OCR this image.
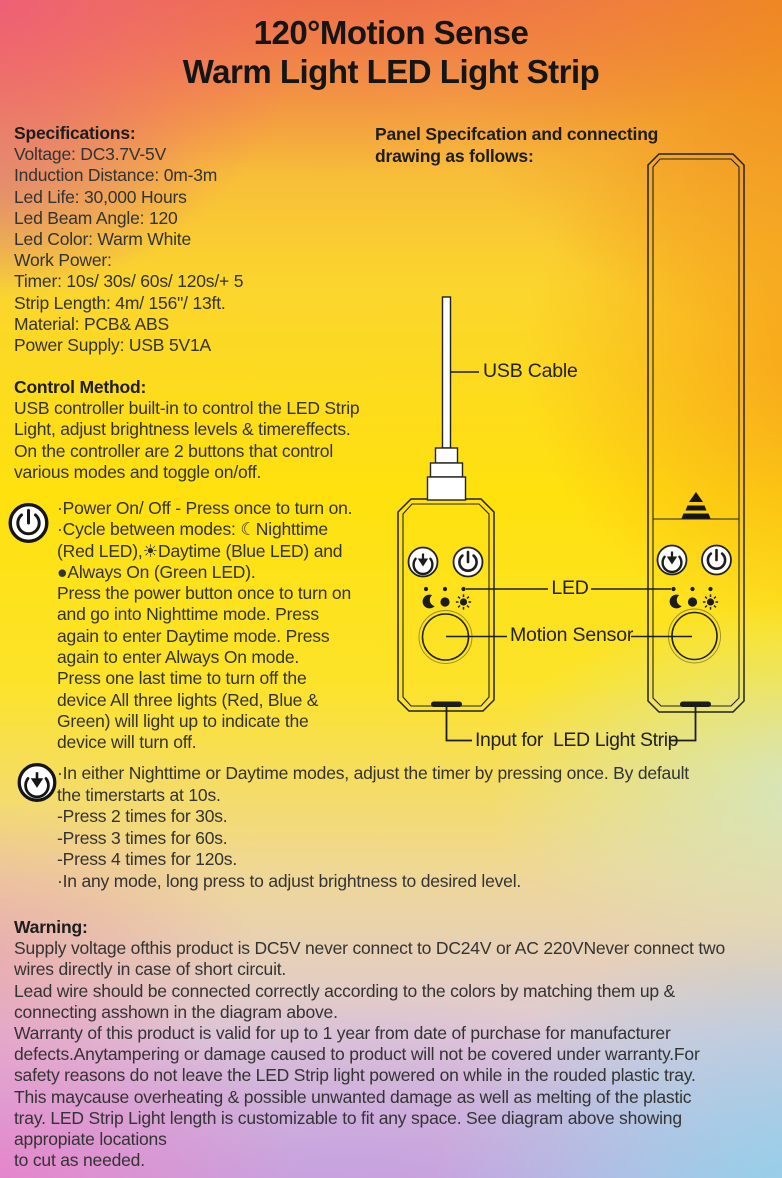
120°Motion Sense
Warm Light LED Light Strip
Specifications:
Voltage: DC3.7V-5V
Induction Distance: 0m-3m
Led Life: 30,000 Hours
Led Beam Angle: 120
Led Color: Warm White
Work Power:
Timer: 10s/ 30s/ 60s/ 120s/+ 5
Strip Length: 4m/ 156"/ 13ft.
Material: PCB& ABS
Power Supply: USB 5V1A
Panel Specifcation and connecting
drawing as follows:
Control Method:
USB controller built-in to control the LED Strip
Light, adjust brightness levels & timereffects.
On the controller are 2 buttons that control
various modes and toggle on/off.
·Power On/ Off - Press once to turn on.
·Cycle between modes: ☾Nighttime
(Red LED),☀Daytime (Blue LED) and
●Always On (Green LED).
Press the power button once to turn on
and go into Nighttime mode. Press
again to enter Daytime mode. Press
again to enter Always On mode.
Press one last time to turn off the
device All three lights (Red, Blue &
Green) will light up to indicate the
device will turn off.
·In either Nighttime or Daytime modes, adjust the timer by pressing once. By default
the timerstarts at 10s.
-Press 2 times for 30s.
-Press 3 times for 60s.
-Press 4 times for 120s.
·In any mode, long press to adjust brightness to desired level.
Warning:
Supply voltage ofthis product is DC5V never connect to DC24V or AC 220VNever connect two
wires directly in case of short circuit.
Lead wire should be connected correctly according to the colors by matching them up &
connecting asshown in the diagram above.
Warranty of this product is valid for up to 1 year from date of purchase for manufacturer
defects.Anytampering or damage caused to product will not be covered under warranty.For
safety reasons do not leave the LED Strip light powered on while in the rouded plastic tray.
This maycause overheating & possible unwanted damage as well as melting of the plastic
tray. LED Strip Light length is customizable to fit any space. See diagram above showing
appropiate locations
to cut as needed.
USB Cable
LED
Motion Sensor
Input for  LED Light Strip
